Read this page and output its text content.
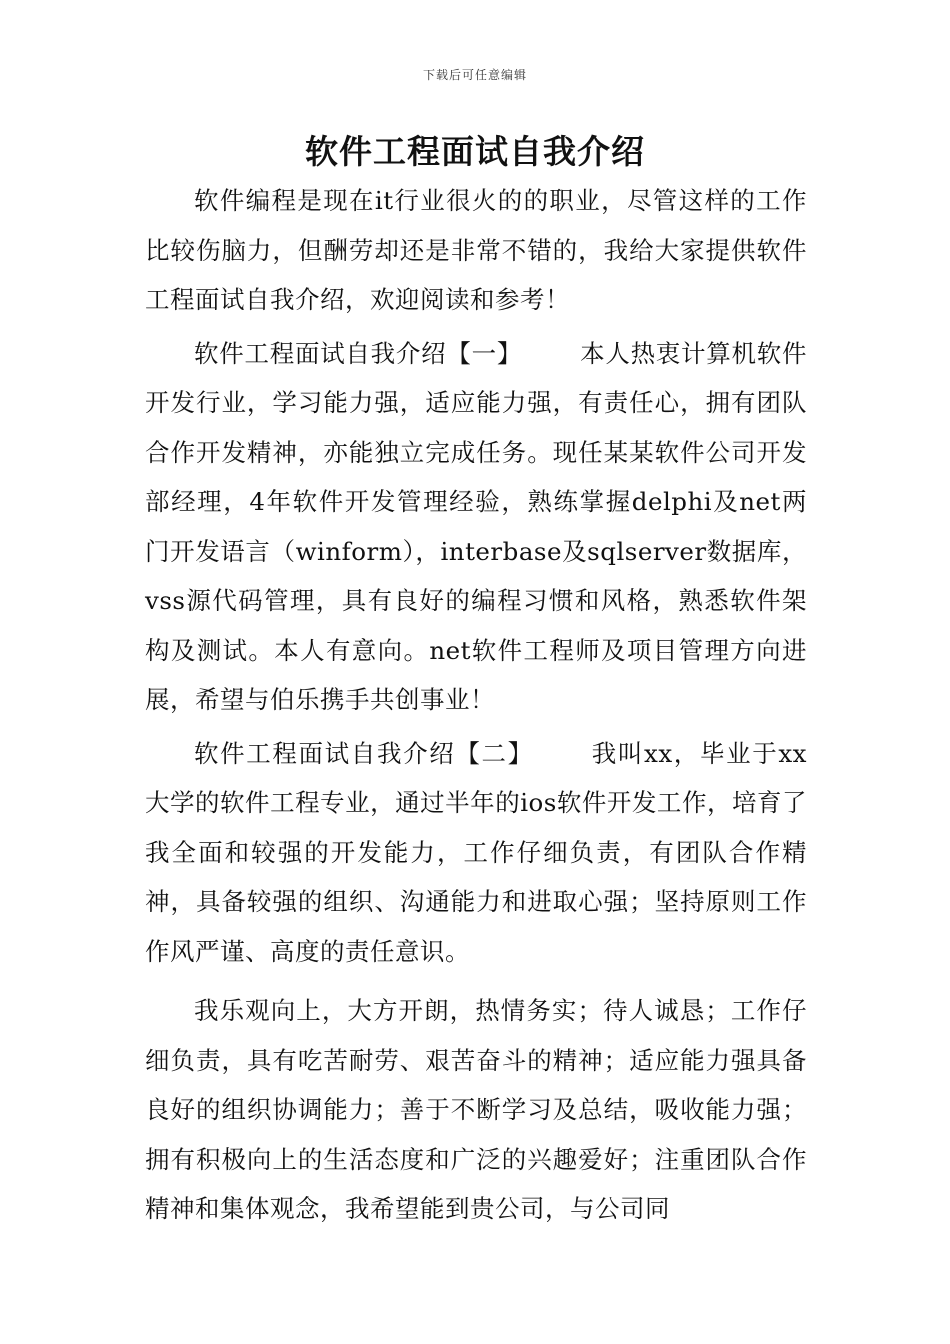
下载后可任意编辑
软件工程面试自我介绍

软件编程是现在it行业很火的的职业，尽管这样的工作比较伤脑力，但酬劳却还是非常不错的，我给大家提供软件工程面试自我介绍，欢迎阅读和参考！

软件工程面试自我介绍【一】 本人热衷计算机软件开发行业，学习能力强，适应能力强，有责任心，拥有团队合作开发精神，亦能独立完成任务。现任某某软件公司开发部经理，4年软件开发管理经验，熟练掌握delphi及net两门开发语言（winform），interbase及sqlserver数据库，vss源代码管理，具有良好的编程习惯和风格，熟悉软件架构及测试。本人有意向。net软件工程师及项目管理方向进展，希望与伯乐携手共创事业！

软件工程面试自我介绍【二】 我叫xx，毕业于xx大学的软件工程专业，通过半年的ios软件开发工作，培育了我全面和较强的开发能力，工作仔细负责，有团队合作精神，具备较强的组织、沟通能力和进取心强；坚持原则工作作风严谨、高度的责任意识。

我乐观向上，大方开朗，热情务实；待人诚恳；工作仔细负责，具有吃苦耐劳、艰苦奋斗的精神；适应能力强具备良好的组织协调能力；善于不断学习及总结，吸收能力强；拥有积极向上的生活态度和广泛的兴趣爱好；注重团队合作精神和集体观念，我希望能到贵公司，与公司同
